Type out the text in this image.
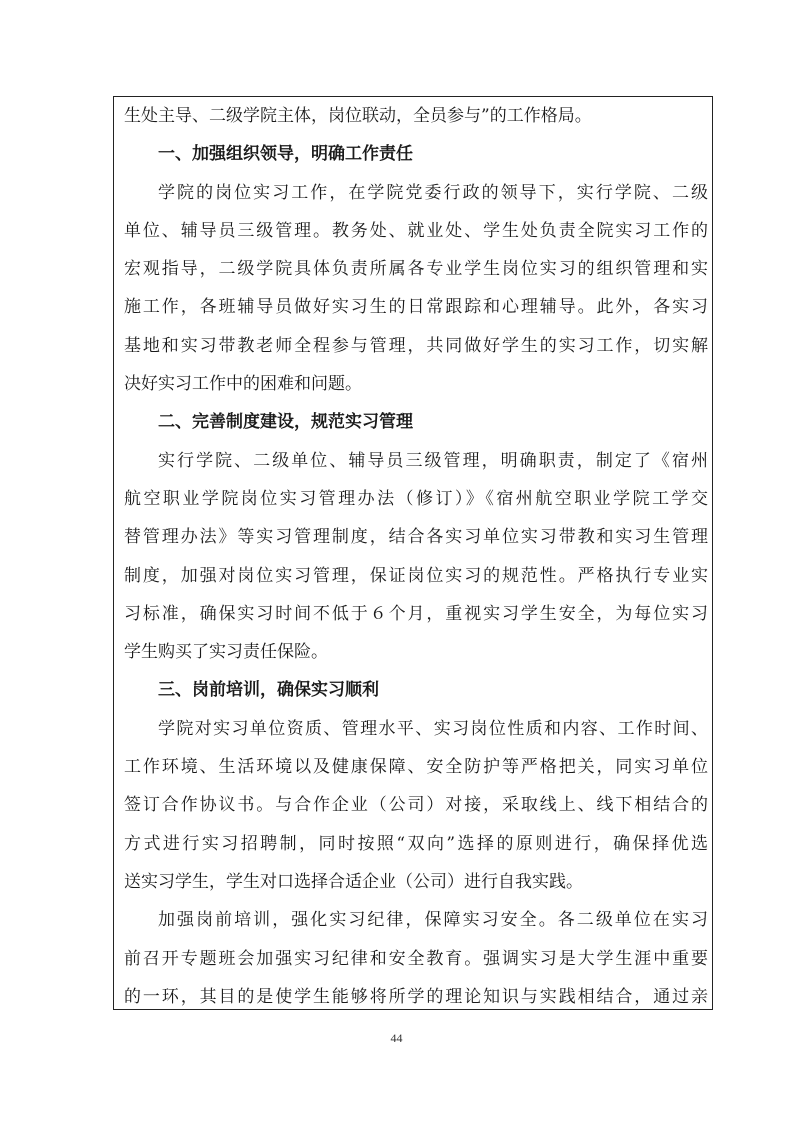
生处主导、二级学院主体，岗位联动，全员参与”的工作格局。
一、加强组织领导，明确工作责任
学院的岗位实习工作，在学院党委行政的领导下，实行学院、二级
单位、辅导员三级管理。教务处、就业处、学生处负责全院实习工作的
宏观指导，二级学院具体负责所属各专业学生岗位实习的组织管理和实
施工作，各班辅导员做好实习生的日常跟踪和心理辅导。此外，各实习
基地和实习带教老师全程参与管理，共同做好学生的实习工作，切实解
决好实习工作中的困难和问题。
二、完善制度建设，规范实习管理
实行学院、二级单位、辅导员三级管理，明确职责，制定了《宿州
航空职业学院岗位实习管理办法（修订）》《宿州航空职业学院工学交
替管理办法》等实习管理制度，结合各实习单位实习带教和实习生管理
制度，加强对岗位实习管理，保证岗位实习的规范性。严格执行专业实
习标准，确保实习时间不低于６个月，重视实习学生安全，为每位实习
学生购买了实习责任保险。
三、岗前培训，确保实习顺利
学院对实习单位资质、管理水平、实习岗位性质和内容、工作时间、
工作环境、生活环境以及健康保障、安全防护等严格把关，同实习单位
签订合作协议书。与合作企业（公司）对接，采取线上、线下相结合的
方式进行实习招聘制，同时按照“双向”选择的原则进行，确保择优选
送实习学生，学生对口选择合适企业（公司）进行自我实践。
加强岗前培训，强化实习纪律，保障实习安全。各二级单位在实习
前召开专题班会加强实习纪律和安全教育。强调实习是大学生涯中重要
的一环，其目的是使学生能够将所学的理论知识与实践相结合，通过亲
44
